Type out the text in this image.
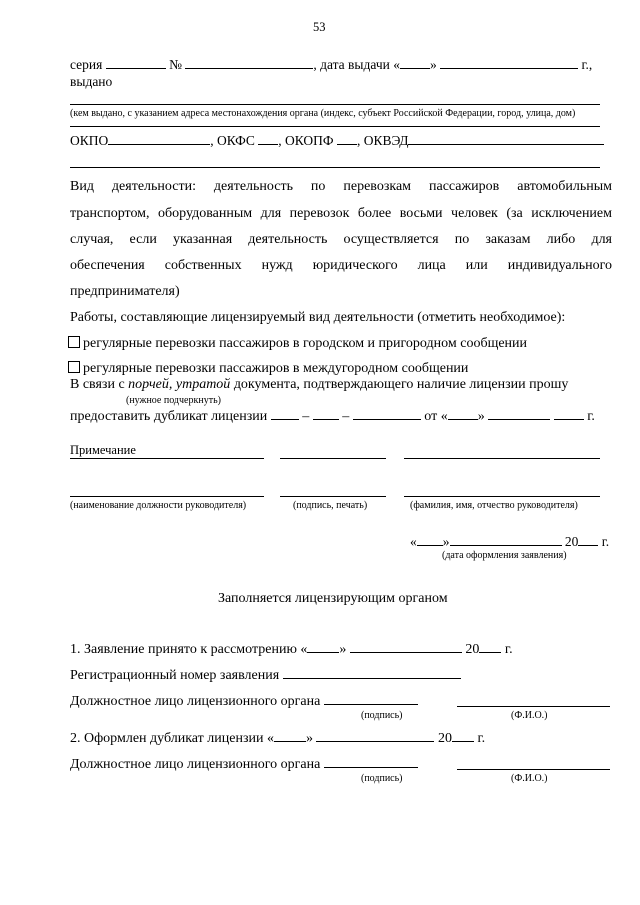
53
серия	№	, дата выдачи « »	г.,
выдано
(кем выдано, с указанием адреса местонахождения органа (индекс, субъект Российской Федерации, город, улица, дом)
ОКПО	, ОКФС , ОКОПФ , ОКВЭД
Вид деятельности: деятельность по перевозкам пассажиров автомобильным
транспортом, оборудованным для перевозок более восьми человек (за исключением
случая, если указанная деятельность осуществляется по заказам либо для
обеспечения собственных нужд юридического лица или индивидуального
предпринимателя)
Работы, составляющие лицензируемый вид деятельности (отметить необходимое):
регулярные перевозки пассажиров в городском и пригородном сообщении
регулярные перевозки пассажиров в междугородном сообщении
В связи с порчей, утратой документа, подтверждающего наличие лицензии прошу
(нужное подчеркнуть)
предоставить дубликат лицензии	– –	от « »	г.
Примечание
(наименование должности руководителя)	(подпись, печать)	(фамилия, имя, отчество руководителя)
« »	20 г.
(дата оформления заявления)
Заполняется лицензирующим органом
1. Заявление принято к рассмотрению « »	20 г.
Регистрационный номер заявления
Должностное лицо лицензионного органа
(подпись)	(Ф.И.О.)
2. Оформлен дубликат лицензии « »	20 г.
Должностное лицо лицензионного органа
(подпись)	(Ф.И.О.)
